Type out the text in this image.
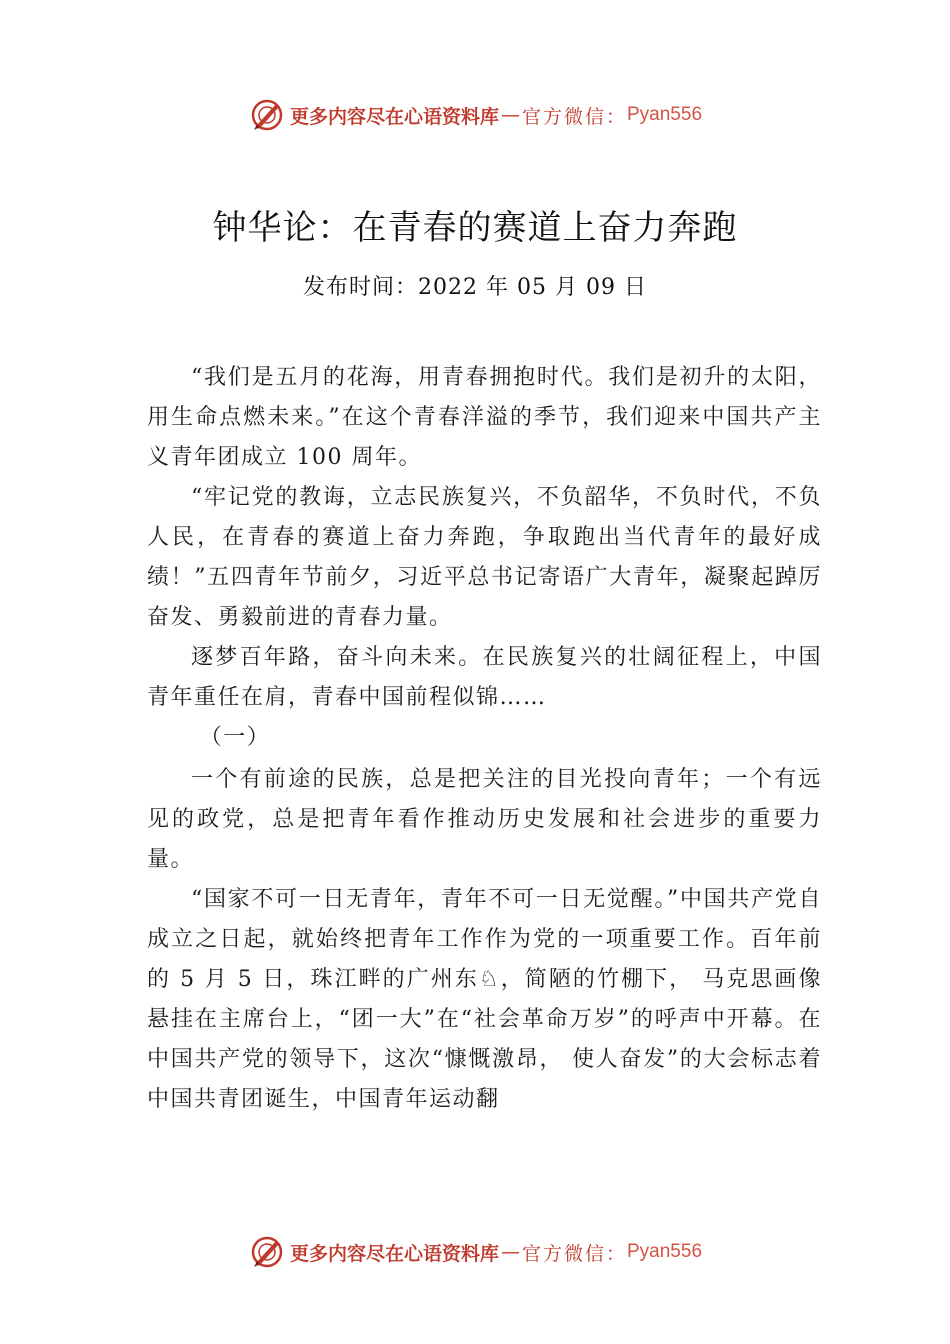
更多内容尽在心语资料库 — 官方微信： Pyan556
钟华论：在青春的赛道上奋力奔跑
发布时间：2022 年 05 月 09 日

“我们是五月的花海，用青春拥抱时代。我们是初升的太阳，用生命点燃未来。”在这个青春洋溢的季节，我们迎来中国共产主义青年团成立 100 周年。

“牢记党的教诲，立志民族复兴，不负韶华，不负时代，不负人民，在青春的赛道上奋力奔跑，争取跑出当代青年的最好成绩！”五四青年节前夕，习近平总书记寄语广大青年，凝聚起踔厉奋发、勇毅前进的青春力量。

逐梦百年路，奋斗向未来。在民族复兴的壮阔征程上，中国青年重任在肩，青春中国前程似锦……

（一）

一个有前途的民族，总是把关注的目光投向青年；一个有远见的政党，总是把青年看作推动历史发展和社会进步的重要力量。

“国家不可一日无青年，青年不可一日无觉醒。”中国共产党自成立之日起，就始终把青年工作作为党的一项重要工作。百年前的 5 月 5 日，珠江畔的广州东♘，简陋的竹棚下， 马克思画像悬挂在主席台上，“团一大”在“社会革命万岁”的呼声中开幕。在中国共产党的领导下，这次“慷慨激昂， 使人奋发”的大会标志着中国共青团诞生，中国青年运动翻

更多内容尽在心语资料库 — 官方微信： Pyan556
